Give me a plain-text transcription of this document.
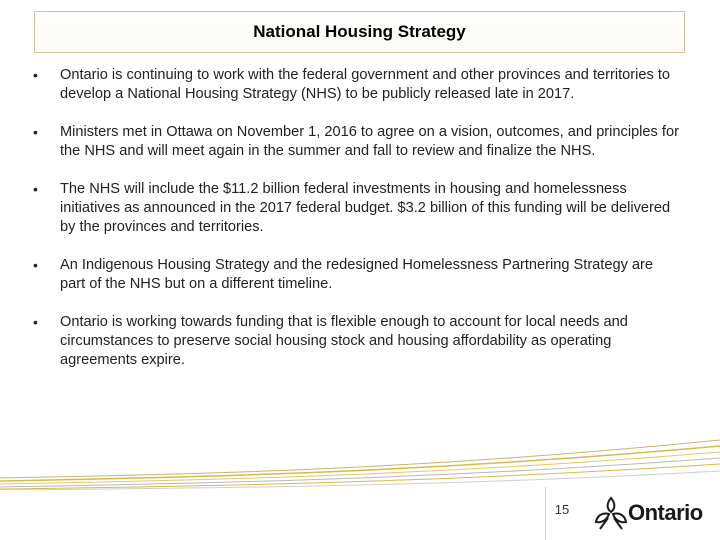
National Housing Strategy
•	Ontario is continuing to work with the federal government and other provinces and territories to develop a National Housing Strategy (NHS) to be publicly released late in 2017.
•	Ministers met in Ottawa on November 1, 2016 to agree on a vision, outcomes, and principles for the NHS and will meet again in the summer and fall to review and finalize the NHS.
•	The NHS will include the $11.2 billion federal investments in housing and homelessness initiatives as announced in the 2017 federal budget. $3.2 billion of this funding will be delivered by the provinces and territories.
•	An Indigenous Housing Strategy and the redesigned Homelessness Partnering Strategy are part of the NHS but on a different timeline.
•	Ontario is working towards funding that is flexible enough to account for local needs and circumstances to preserve social housing stock and housing affordability as operating agreements expire.
15	Ontario
